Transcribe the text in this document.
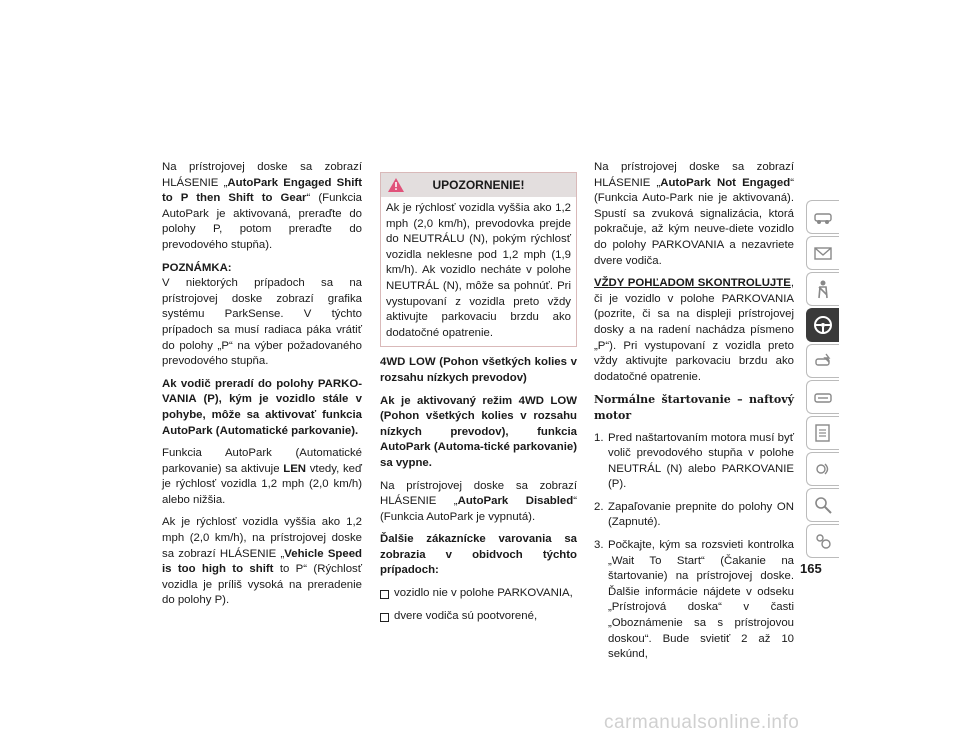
Na prístrojovej doske sa zobrazí HLÁSENIE „AutoPark Engaged Shift to P then Shift to Gear“ (Funkcia AutoPark je aktivovaná, preraďte do polohy P, potom preraďte do prevodového stupňa).

POZNÁMKA:
V niektorých prípadoch sa na prístrojovej doske zobrazí grafika systému ParkSense. V týchto prípadoch sa musí radiaca páka vrátiť do polohy „P“ na výber požadovaného prevodového stupňa.

Ak vodič preradí do polohy PARKO-VANIA (P), kým je vozidlo stále v pohybe, môže sa aktivovať funkcia AutoPark (Automatické parkovanie).

Funkcia AutoPark (Automatické parkovanie) sa aktivuje LEN vtedy, keď je rýchlosť vozidla 1,2 mph (2,0 km/h) alebo nižšia.

Ak je rýchlosť vozidla vyššia ako 1,2 mph (2,0 km/h), na prístrojovej doske sa zobrazí HLÁSENIE „Vehicle Speed is too high to shift to P“ (Rýchlosť vozidla je príliš vysoká na preradenie do polohy P).

UPOZORNENIE!
Ak je rýchlosť vozidla vyššia ako 1,2 mph (2,0 km/h), prevodovka prejde do NEUTRÁLU (N), pokým rýchlosť vozidla neklesne pod 1,2 mph (1,9 km/h). Ak vozidlo necháte v polohe NEUTRÁL (N), môže sa pohnúť. Pri vystupovaní z vozidla preto vždy aktivujte parkovaciu brzdu ako dodatočné opatrenie.

4WD LOW (Pohon všetkých kolies v rozsahu nízkych prevodov)

Ak je aktivovaný režim 4WD LOW (Pohon všetkých kolies v rozsahu nízkych prevodov), funkcia AutoPark (Automa-tické parkovanie) sa vypne.

Na prístrojovej doske sa zobrazí HLÁSENIE „AutoPark Disabled“ (Funkcia AutoPark je vypnutá).

Ďalšie zákaznícke varovania sa zobrazia v obidvoch týchto prípadoch:

vozidlo nie v polohe PARKOVANIA,

dvere vodiča sú pootvorené,

Na prístrojovej doske sa zobrazí HLÁSENIE „AutoPark Not Engaged“ (Funkcia Auto-Park nie je aktivovaná). Spustí sa zvuková signalizácia, ktorá pokračuje, až kým neuve-diete vozidlo do polohy PARKOVANIA a nezavriete dvere vodiča.

VŽDY POHĽADOM SKONTROLUJTE, či je vozidlo v polohe PARKOVANIA (pozrite, či sa na displeji prístrojovej dosky a na radení nachádza písmeno „P“). Pri vystupovaní z vozidla preto vždy aktivujte parkovaciu brzdu ako dodatočné opatrenie.

Normálne štartovanie – naftový motor

1. Pred naštartovaním motora musí byť volič prevodového stupňa v polohe NEUTRÁL (N) alebo PARKOVANIE (P).
2. Zapaľovanie prepnite do polohy ON (Zapnuté).
3. Počkajte, kým sa rozsvieti kontrolka „Wait To Start“ (Čakanie na štartovanie) na prístrojovej doske. Ďalšie informácie nájdete v odseku „Prístrojová doska“ v časti „Oboznámenie sa s prístrojovou doskou“. Bude svietiť 2 až 10 sekúnd,
165
carmanualsonline.info
